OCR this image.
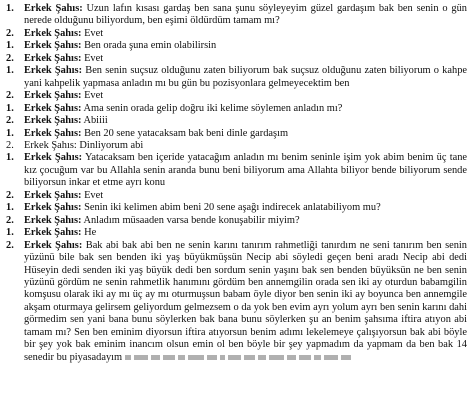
1. Erkek Şahıs: Uzun lafın kısası gardaş ben sana şunu söyleyeyim güzel gardaşım bak ben senin o gün nerede olduğunu biliyordum, ben eşimi öldürdüm tamam mı?
2. Erkek Şahıs: Evet
1. Erkek Şahıs: Ben orada şuna emin olabilirsin
2. Erkek Şahıs: Evet
1. Erkek Şahıs: Ben senin suçsuz olduğunu zaten biliyorum bak suçsuz olduğunu zaten biliyorum o kahpe yani kahpelik yapmasa anladın mı bu gün bu pozisyonlara gelmeyecektim ben
2. Erkek Şahıs: Evet
1. Erkek Şahıs: Ama senin orada gelip doğru iki kelime söylemen anladın mı?
2. Erkek Şahıs: Abiiii
1. Erkek Şahıs: Ben 20 sene yatacaksam bak beni dinle gardaşım
2. Erkek Şahıs: Dinliyorum abi
1. Erkek Şahıs: Yatacaksam ben içeride yatacağım anladın mı benim seninle işim yok abim benim üç tane kız çocuğum var bu Allahla senin aranda bunu beni biliyorum ama Allahta biliyor bende biliyorum sende biliyorsun inkar et etme ayrı konu
2. Erkek Şahıs: Evet
1. Erkek Şahıs: Senin iki kelimen abim beni 20 sene aşağı indirecek anlatabiliyom mu?
2. Erkek Şahıs: Anladım müsaaden varsa bende konuşabilir miyim?
1. Erkek Şahıs: He
2. Erkek Şahıs: Bak abi bak abi ben ne senin karını tanırım rahmetliği tanırdım ne seni tanırım ben senin yüzünü bile bak sen benden iki yaş büyükmüşsün Necip abi söyledi geçen beni aradı Necip abi dedi Hüseyin dedi senden iki yaş büyük dedi ben sordum senin yaşını bak sen benden büyüksün ne ben senin yüzünü gördüm ne senin rahmetlik hanımını gördüm ben annemgilin orada sen iki ay oturdun babamgilin komşusu olarak iki ay mı üç ay mı oturmuşsun babam öyle diyor ben senin iki ay boyunca ben annemgile akşam oturmaya gelirsem geliyordum gelmezsem o da yok ben evim ayrı yolum ayrı ben senin karını dahi görmedim sen yani bana bunu söylerken bak bana bunu söylerken şu an benim şahsıma iftira atıyon abi tamam mı? Sen ben eminim diyorsun iftira atıyorsun benim adımı lekelemeye çalışıyorsun bak abi böyle bir şey yok bak eminim inancım olsun emin ol ben böyle bir şey yapmadım da yapmam da ben bak 14 senedir bu piyasadayım
